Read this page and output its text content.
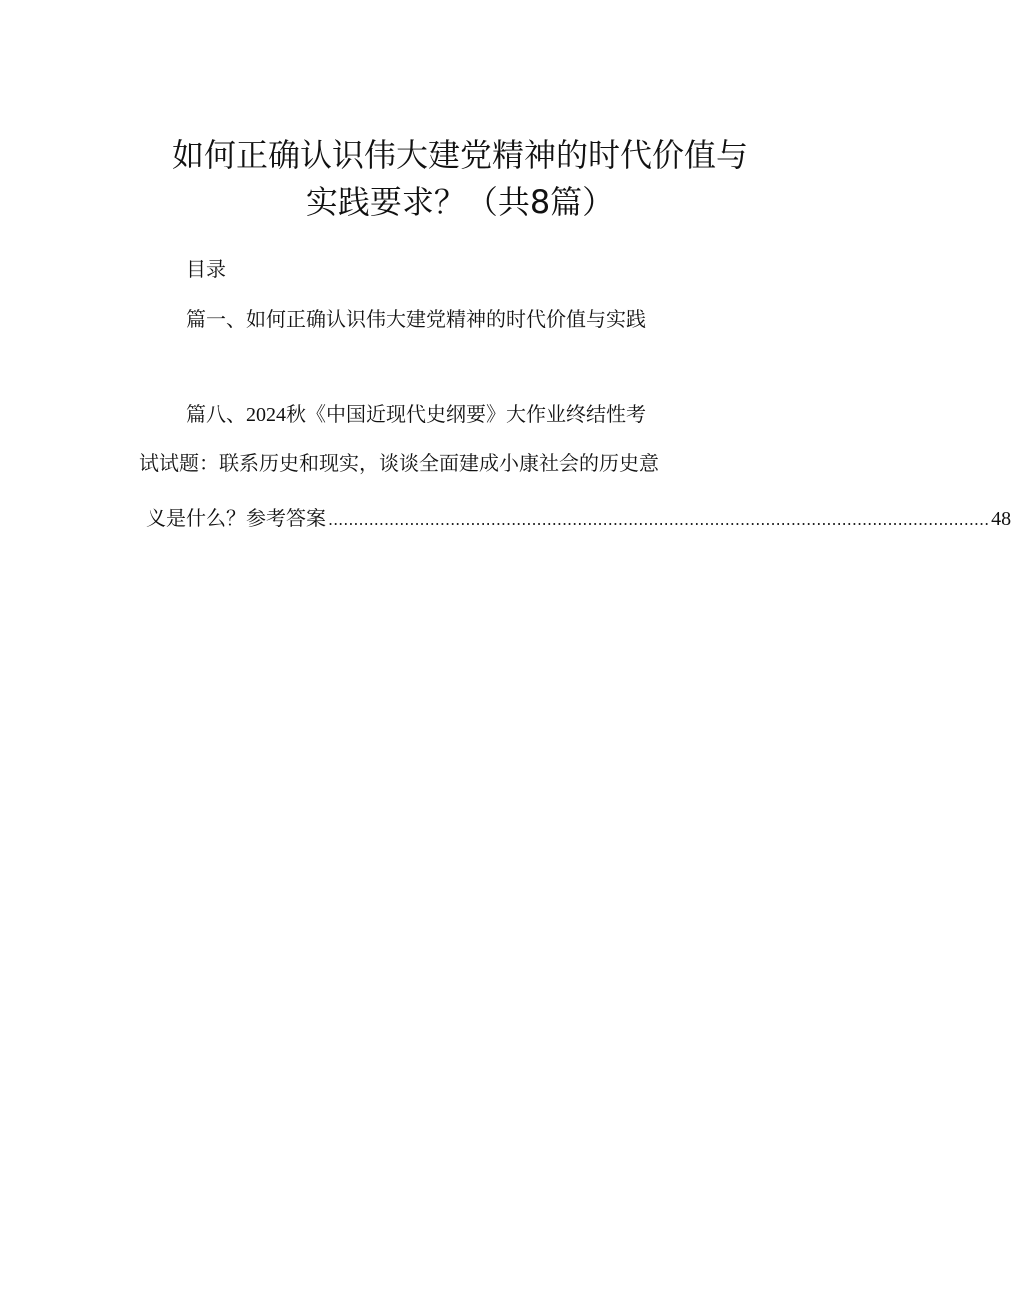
如何正确认识伟大建党精神的时代价值与
实践要求？（共8篇）
目录
篇一、如何正确认识伟大建党精神的时代价值与实践
篇八、2024秋《中国近现代史纲要》大作业终结性考
试试题：联系历史和现实，谈谈全面建成小康社会的历史意
义是什么？参考答案 .................................................................................................................................. 48
